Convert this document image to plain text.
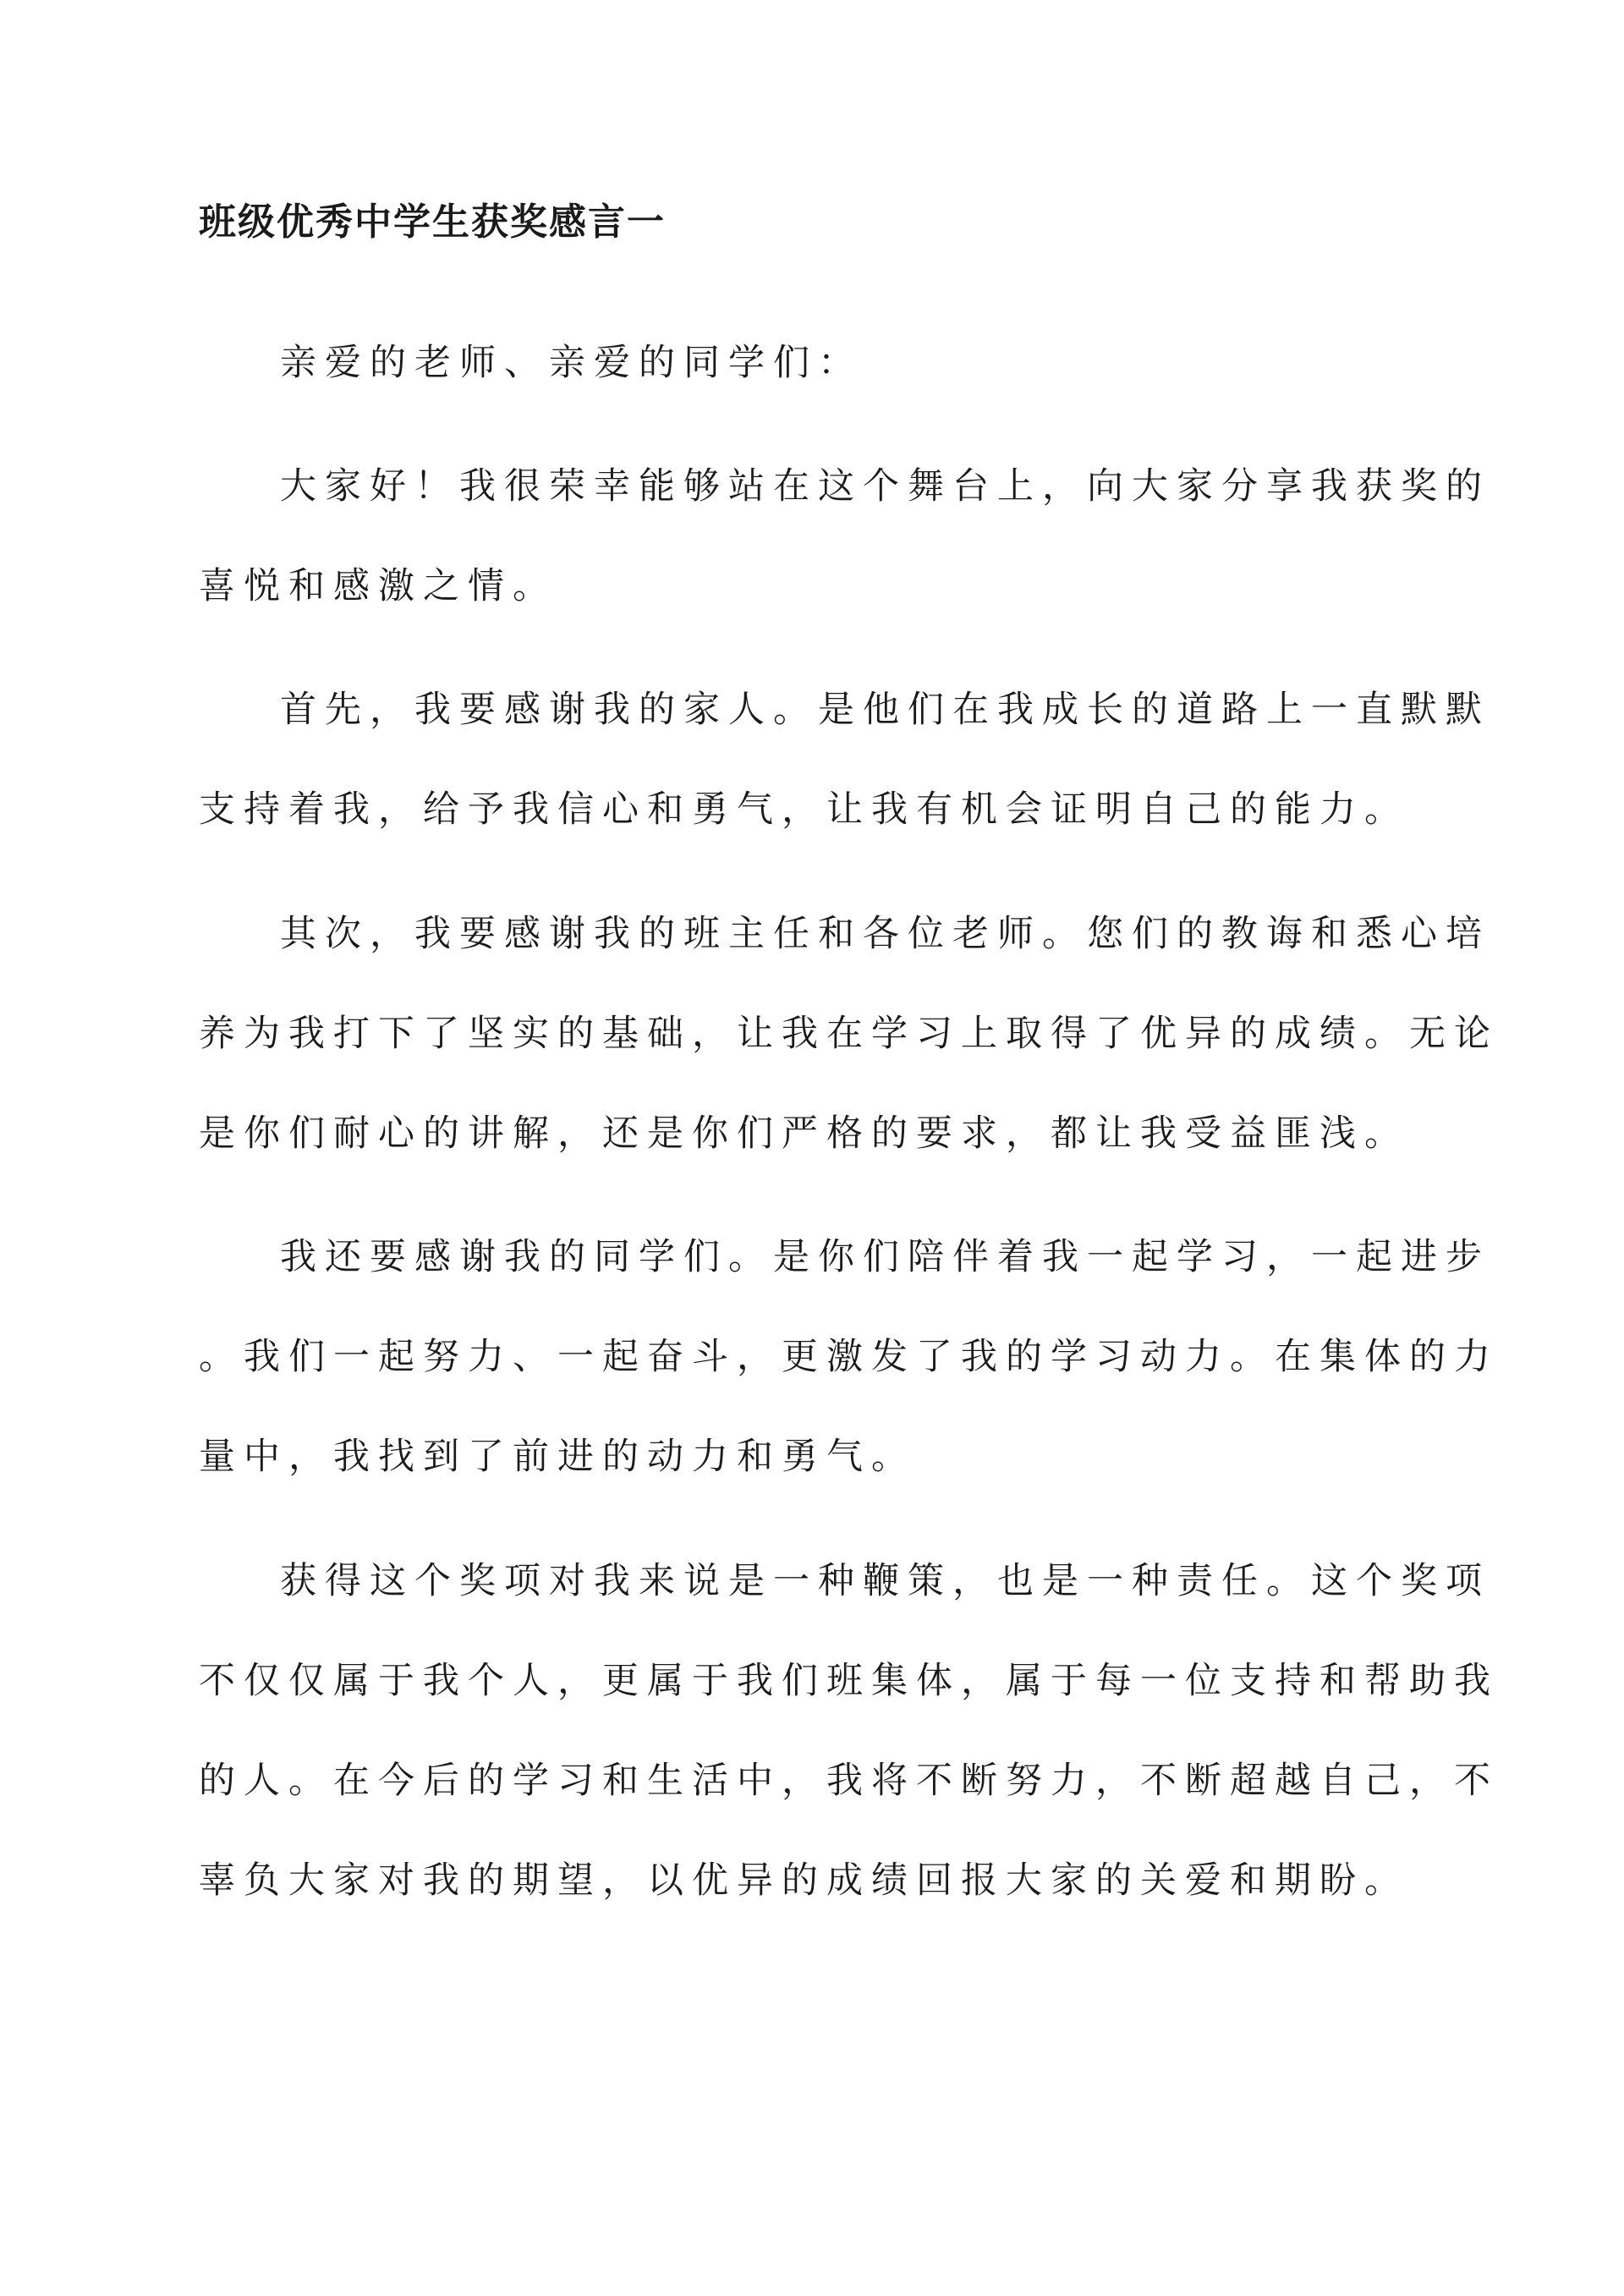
班级优秀中学生获奖感言一

亲爱的老师、亲爱的同学们：

大家好！我很荣幸能够站在这个舞台上，向大家分享我获奖的
喜悦和感激之情。

首先，我要感谢我的家人。是他们在我成长的道路上一直默默
支持着我，给予我信心和勇气，让我有机会证明自己的能力。

其次，我要感谢我的班主任和各位老师。您们的教诲和悉心培
养为我打下了坚实的基础，让我在学习上取得了优异的成绩。无论
是你们耐心的讲解，还是你们严格的要求，都让我受益匪浅。

我还要感谢我的同学们。是你们陪伴着我一起学习，一起进步
。我们一起努力、一起奋斗，更激发了我的学习动力。在集体的力
量中，我找到了前进的动力和勇气。

获得这个奖项对我来说是一种鞭策，也是一种责任。这个奖项
不仅仅属于我个人，更属于我们班集体，属于每一位支持和帮助我
的人。在今后的学习和生活中，我将不断努力，不断超越自己，不
辜负大家对我的期望，以优异的成绩回报大家的关爱和期盼。
